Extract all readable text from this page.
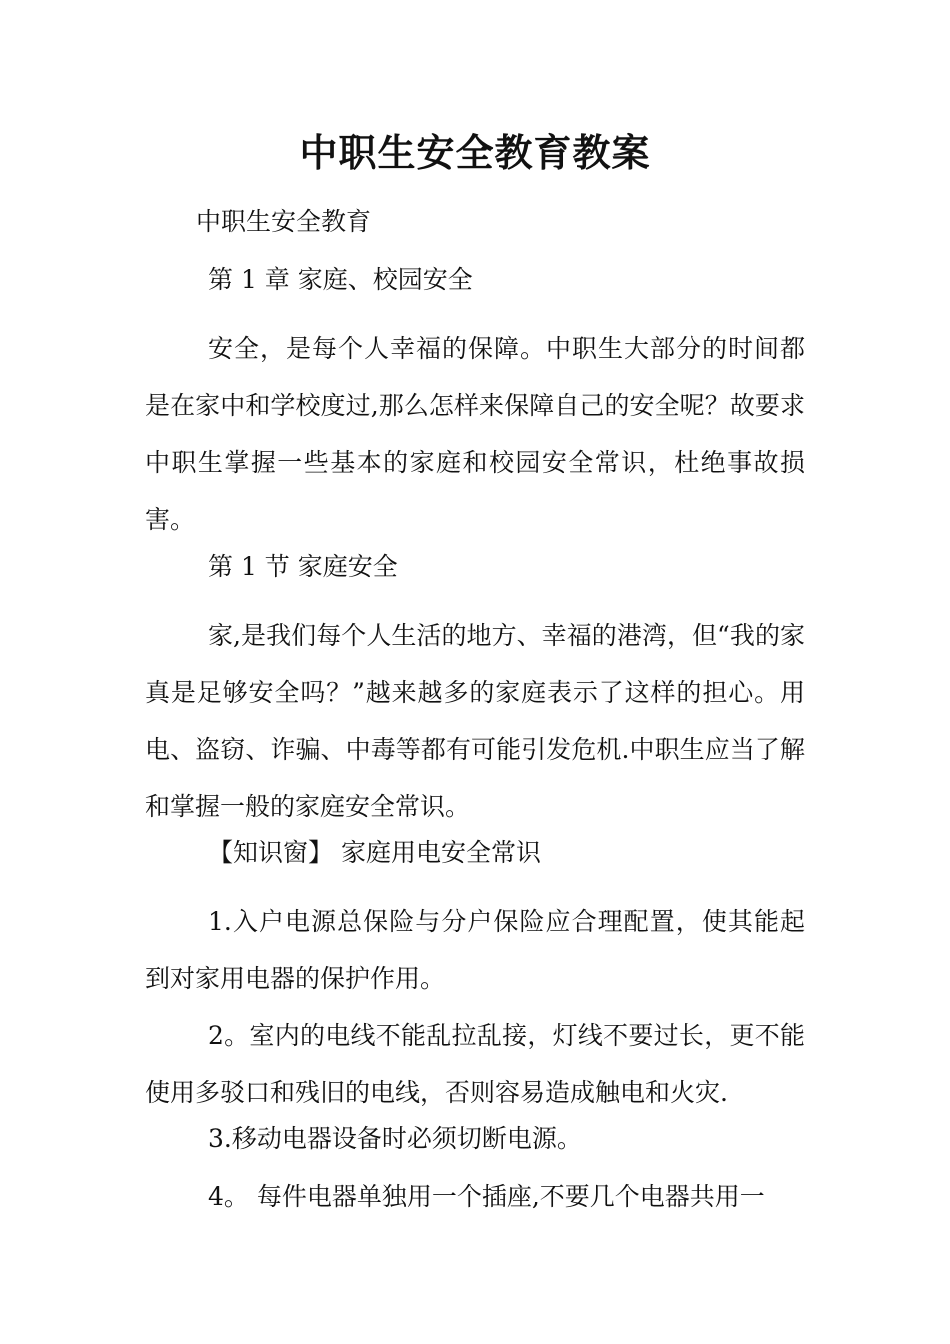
中职生安全教育教案

中职生安全教育

第 1 章 家庭、校园安全

安全，是每个人幸福的保障。中职生大部分的时间都是在家中和学校度过,那么怎样来保障自己的安全呢？故要求中职生掌握一些基本的家庭和校园安全常识，杜绝事故损害。

第 1 节 家庭安全

家,是我们每个人生活的地方、幸福的港湾，但“我的家真是足够安全吗？”越来越多的家庭表示了这样的担心。用电、盗窃、诈骗、中毒等都有可能引发危机.中职生应当了解和掌握一般的家庭安全常识。

【知识窗】 家庭用电安全常识

1.入户电源总保险与分户保险应合理配置，使其能起到对家用电器的保护作用。

2。室内的电线不能乱拉乱接，灯线不要过长，更不能使用多驳口和残旧的电线，否则容易造成触电和火灾.

3.移动电器设备时必须切断电源。

4。 每件电器单独用一个插座,不要几个电器共用一
